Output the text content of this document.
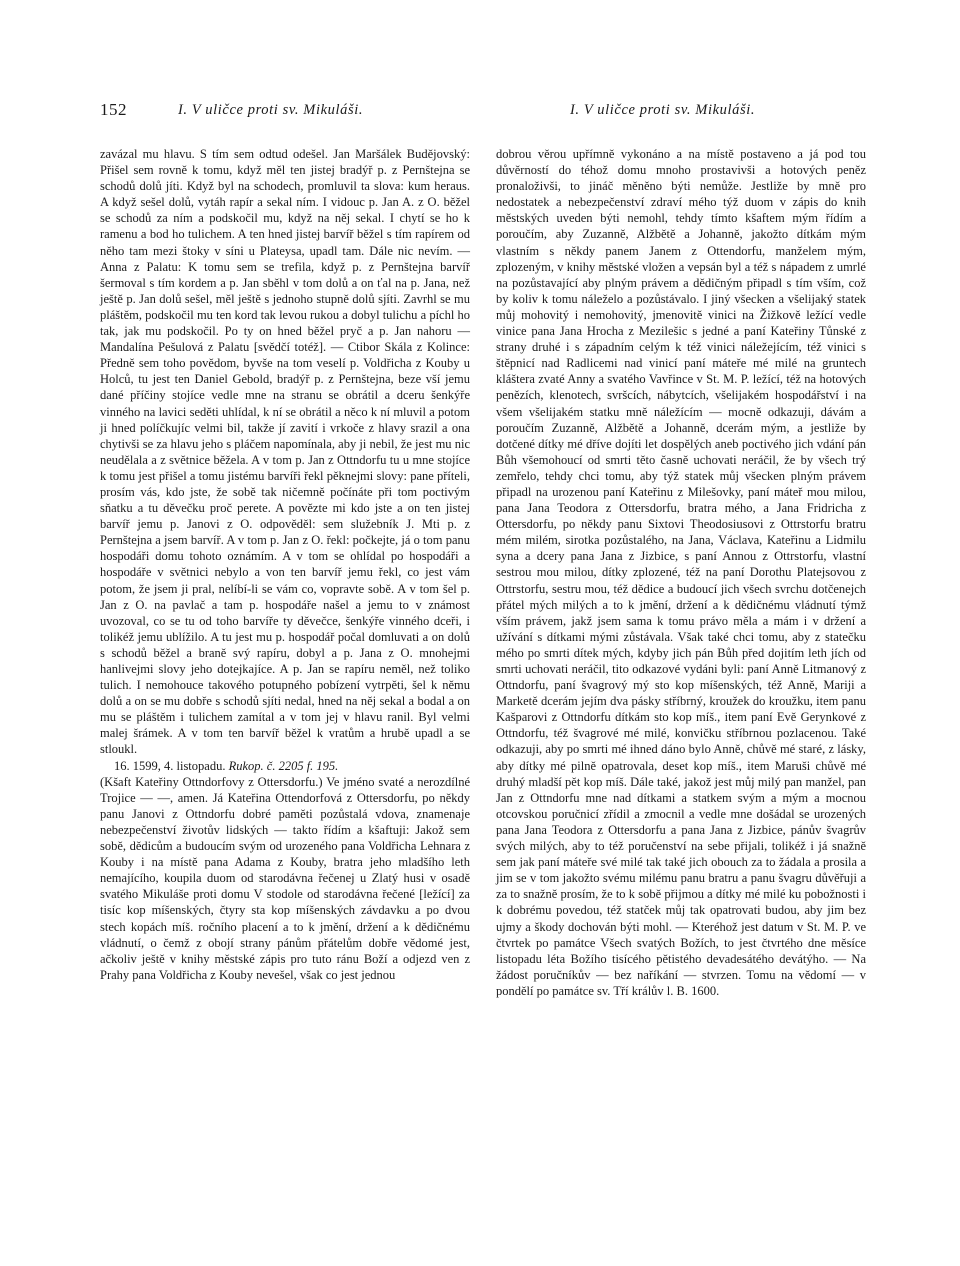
152	I. V uličce proti sv. Mikuláši.	I. V uličce proti sv. Mikuláši.

zavázal mu hlavu. S tím sem odtud odešel. Jan Maršálek Budějovský: Přišel sem rovně k tomu, když měl ten jistej bradýř p. z Pernštejna se schodů dolů jíti. Když byl na schodech, promluvil ta slova: kum heraus. A když sešel dolů, vytáh rapír a sekal ním. I vidouc p. Jan A. z O. běžel se schodů za ním a podskočil mu, když na něj sekal. I chytí se ho k ramenu a bod ho tulichem. A ten hned jistej barvíř běžel s tím rapírem od něho tam mezi štoky v síni u Plateysa, upadl tam. Dále nic nevím. — Anna z Palatu: K tomu sem se trefila, když p. z Pernštejna barvíř šermoval s tím kordem a p. Jan sběhl v tom dolů a on ťal na p. Jana, než ještě p. Jan dolů sešel, měl ještě s jednoho stupně dolů sjíti. Zavrhl se mu pláštěm, podskočil mu ten kord tak levou rukou a dobyl tulichu a píchl ho tak, jak mu podskočil. Po ty on hned běžel pryč a p. Jan nahoru — Mandalína Pešulová z Palatu [svědčí totéž]. — Ctibor Skála z Kolince: Předně sem toho povědom, byvše na tom veselí p. Voldřicha z Kouby u Holců, tu jest ten Daniel Gebold, bradýř p. z Pernštejna, beze vší jemu dané příčiny stojíce vedle mne na stranu se obrátil a dceru šenkýře vinného na lavici seděti uhlídal, k ní se obrátil a něco k ní mluvil a potom ji hned políčkujíc velmi bil, takže jí zavití i vrkoče z hlavy srazil a ona chytivši se za hlavu jeho s pláčem napomínala, aby ji nebil, že jest mu nic neudělala a z světnice běžela. A v tom p. Jan z Ottndorfu tu u mne stojíce k tomu jest přišel a tomu jistému barvíři řekl pěknejmi slovy: pane příteli, prosím vás, kdo jste, že sobě tak ničemně počínáte při tom poctivým sňatku a tu děvečku proč perete. A povězte mi kdo jste a on ten jistej barvíř jemu p. Janovi z O. odpověděl: sem služebník J. Mti p. z Pernštejna a jsem barvíř. A v tom p. Jan z O. řekl: počkejte, já o tom panu hospodáři domu tohoto oznámím. A v tom se ohlídal po hospodáři a hospodáře v světnici nebylo a von ten barvíř jemu řekl, co jest vám potom, že jsem ji pral, nelíbí-li se vám co, vopravte sobě. A v tom šel p. Jan z O. na pavlač a tam p. hospodáře našel a jemu to v známost uvozoval, co se tu od toho barvíře ty děvečce, šenkýře vinného dceři, i tolikéž jemu ublížilo. A tu jest mu p. hospodář počal domluvati a on dolů s schodů běžel a braně svý rapíru, dobyl a p. Jana z O. mnohejmi hanlivejmi slovy jeho dotejkajíce. A p. Jan se rapíru neměl, než toliko tulich. I nemohouce takového potupného pobízení vytrpěti, šel k němu dolů a on se mu dobře s schodů sjíti nedal, hned na něj sekal a bodal a on mu se pláštěm i tulichem zamítal a v tom jej v hlavu ranil. Byl velmi malej šrámek. A v tom ten barvíř běžel k vratům a hrubě upadl a se stloukl.

16. 1599, 4. listopadu. Rukop. č. 2205 f. 195.

(Kšaft Kateřiny Ottndorfovy z Ottersdorfu.) Ve jméno svaté a nerozdílné Trojice — —, amen. Já Kateřina Ottendorfová z Ottersdorfu, po někdy panu Janovi z Ottndorfu dobré paměti pozůstalá vdova, znamenaje nebezpečenství životův lidských — takto řídím a kšaftuji: Jakož sem sobě, dědicům a budoucím svým od urozeného pana Voldřicha Lehnara z Kouby i na místě pana Adama z Kouby, bratra jeho mladšího leth nemajícího, koupila duom od starodávna řečenej u Zlatý husi v osadě svatého Mikuláše proti domu V stodole od starodávna řečené [ležící] za tisíc kop míšenských, čtyry sta kop míšenských závdavku a po dvou stech kopách míš. ročního placení a to k jmění, držení a k dědičnému vládnutí, o čemž z obojí strany pánům přátelům dobře vědomé jest, ačkoliv ještě v knihy městské zápis pro tuto ránu Boží a odjezd ven z Prahy pana Voldřicha z Kouby nevešel, však co jest jednou

dobrou věrou upřímně vykonáno a na místě postaveno a já pod tou důvěrností do téhož domu mnoho prostavivši a hotových peněz pronaloživši, to jináč měněno býti nemůže. Jestliže by mně pro nedostatek a nebezpečenství zdraví mého týž duom v zápis do knih městských uveden býti nemohl, tehdy tímto kšaftem mým řídím a poroučím, aby Zuzanně, Alžbětě a Johanně, jakožto dítkám mým vlastním s někdy panem Janem z Ottendorfu, manželem mým, zplozeným, v knihy městské vložen a vepsán byl a též s nápadem z umrlé na pozůstavající aby plným právem a dědičným připadl s tím vším, což by koliv k tomu náleželo a pozůstávalo. I jiný všecken a všelijaký statek můj mohovitý i nemohovitý, jmenovitě vinici na Žižkově ležící vedle vinice pana Jana Hrocha z Mezilešic s jedné a paní Kateřiny Tůnské z strany druhé i s západním celým k též vinici náležejícím, též vinici s štěpnicí nad Radlicemi nad vinicí paní máteře mé milé na gruntech kláštera zvaté Anny a svatého Vavřince v St. M. P. ležící, též na hotových penězích, klenotech, svršcích, nábytcích, všelijakém hospodářství i na všem všelijakém statku mně náležícím — mocně odkazuji, dávám a poroučím Zuzanně, Alžbětě a Johanně, dcerám mým, a jestliže by dotčené dítky mé dříve dojíti let dospělých aneb poctivého jich vdání pán Bůh všemohoucí od smrti těto časně uchovati neráčil, že by všech trý zemřelo, tehdy chci tomu, aby týž statek můj všecken plným právem připadl na urozenou paní Kateřinu z Milešovky, paní máteř mou milou, pana Jana Teodora z Ottersdorfu, bratra mého, a Jana Fridricha z Ottersdorfu, po někdy panu Sixtovi Theodosiusovi z Ottrstorfu bratru mém milém, sirotka pozůstalého, na Jana, Václava, Kateřinu a Lidmilu syna a dcery pana Jana z Jizbice, s paní Annou z Ottrstorfu, vlastní sestrou mou milou, dítky zplozené, též na paní Dorothu Platejsovou z Ottrstorfu, sestru mou, též dědice a budoucí jich všech svrchu dotčenejch přátel mých milých a to k jmění, držení a k dědičnému vládnutí týmž vším právem, jakž jsem sama k tomu právo měla a mám i v držení a užívání s dítkami mými zůstávala. Však také chci tomu, aby z statečku mého po smrti dítek mých, kdyby jich pán Bůh před dojitím leth jích od smrti uchovati neráčil, tito odkazové vydáni byli: paní Anně Litmanový z Ottndorfu, paní švagrový mý sto kop míšenských, též Anně, Mariji a Marketě dcerám jejím dva pásky stříbrný, kroužek do kroužku, item panu Kašparovi z Ottndorfu dítkám sto kop míš., item paní Evě Gerynkové z Ottndorfu, též švagrové mé milé, konvičku stříbrnou pozlacenou. Také odkazuji, aby po smrti mé ihned dáno bylo Anně, chůvě mé staré, z lásky, aby dítky mé pilně opatrovala, deset kop míš., item Maruši chůvě mé druhý mladší pět kop míš. Dále také, jakož jest můj milý pan manžel, pan Jan z Ottndorfu mne nad dítkami a statkem svým a mým a mocnou otcovskou poručnicí zřídil a zmocnil a vedle mne došádal se urozených pana Jana Teodora z Ottersdorfu a pana Jana z Jizbice, pánův švagrův svých milých, aby to též poručenství na sebe přijali, tolikéž i já snažně sem jak paní máteře své milé tak také jich obouch za to žádala a prosila a jim se v tom jakožto svému milému panu bratru a panu švagru důvěřuji a za to snažně prosím, že to k sobě přijmou a dítky mé milé ku pobožnosti i k dobrému povedou, též statček můj tak opatrovati budou, aby jim bez ujmy a škody dochován býti mohl. — Kteréhož jest datum v St. M. P. ve čtvrtek po památce Všech svatých Božích, to jest čtvrtého dne měsíce listopadu léta Božího tisícého pětistého devadesátého devátýho. — Na žádost poručníkův — bez naříkání — stvrzen. Tomu na vědomí — v pondělí po památce sv. Tří králův l. B. 1600.
